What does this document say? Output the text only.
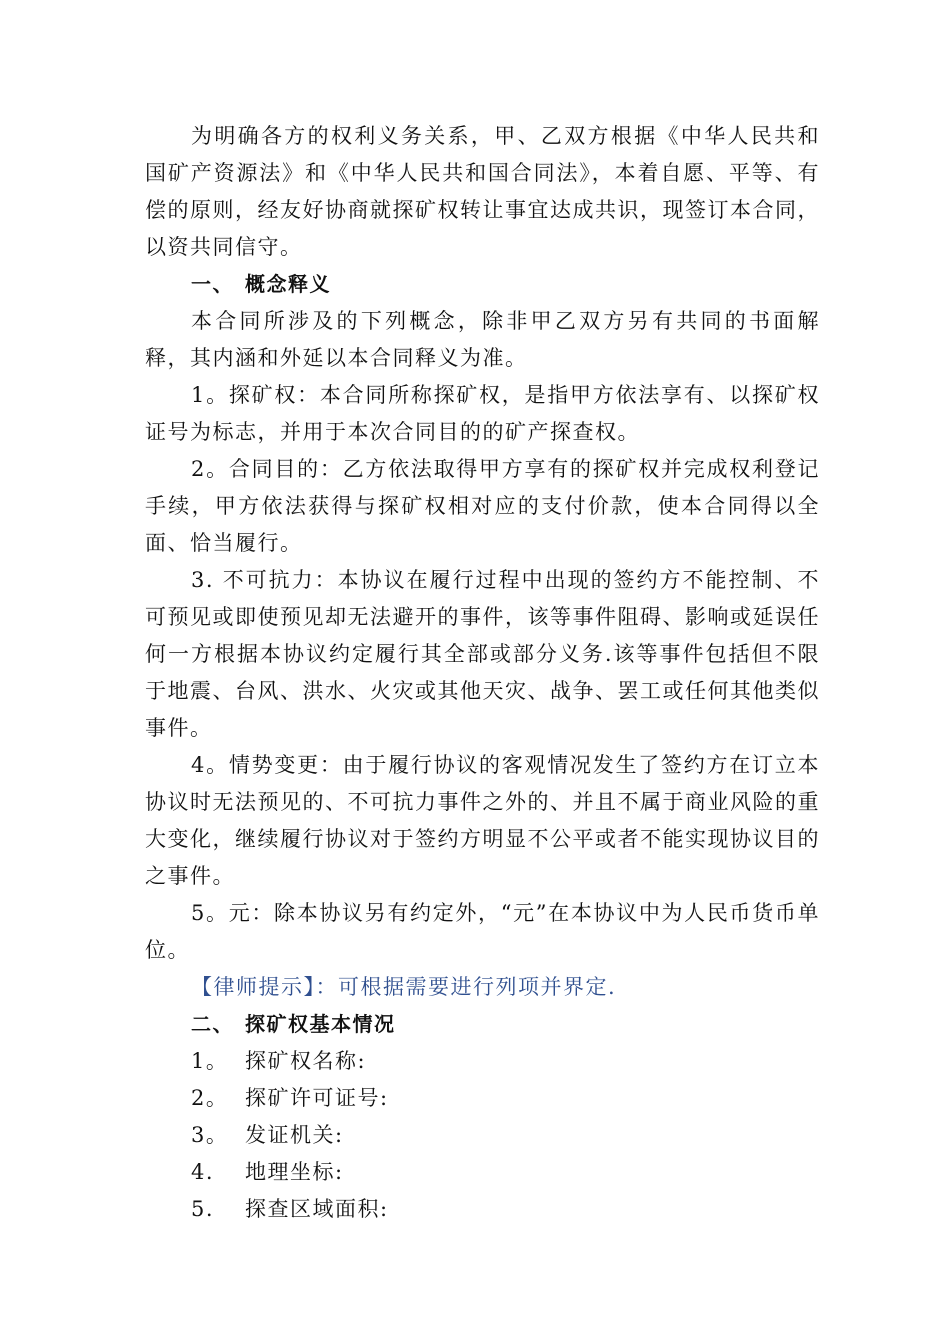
为明确各方的权利义务关系，甲、乙双方根据《中华人民共和国矿产资源法》和《中华人民共和国合同法》，本着自愿、平等、有偿的原则，经友好协商就探矿权转让事宜达成共识，现签订本合同，以资共同信守。

一、 概念释义

本合同所涉及的下列概念，除非甲乙双方另有共同的书面解释，其内涵和外延以本合同释义为准。

1。探矿权：本合同所称探矿权，是指甲方依法享有、以探矿权证号为标志，并用于本次合同目的的矿产探查权。

2。合同目的：乙方依法取得甲方享有的探矿权并完成权利登记手续，甲方依法获得与探矿权相对应的支付价款，使本合同得以全面、恰当履行。

3. 不可抗力：本协议在履行过程中出现的签约方不能控制、不可预见或即使预见却无法避开的事件，该等事件阻碍、影响或延误任何一方根据本协议约定履行其全部或部分义务.该等事件包括但不限于地震、台风、洪水、火灾或其他天灾、战争、罢工或任何其他类似事件。

4。情势变更：由于履行协议的客观情况发生了签约方在订立本协议时无法预见的、不可抗力事件之外的、并且不属于商业风险的重大变化，继续履行协议对于签约方明显不公平或者不能实现协议目的之事件。

5。元：除本协议另有约定外，“元”在本协议中为人民币货币单位。

【律师提示】：可根据需要进行列项并界定.

二、 探矿权基本情况

1。 探矿权名称:

2。 探矿许可证号:

3。 发证机关:

4. 地理坐标:

5. 探查区域面积:
